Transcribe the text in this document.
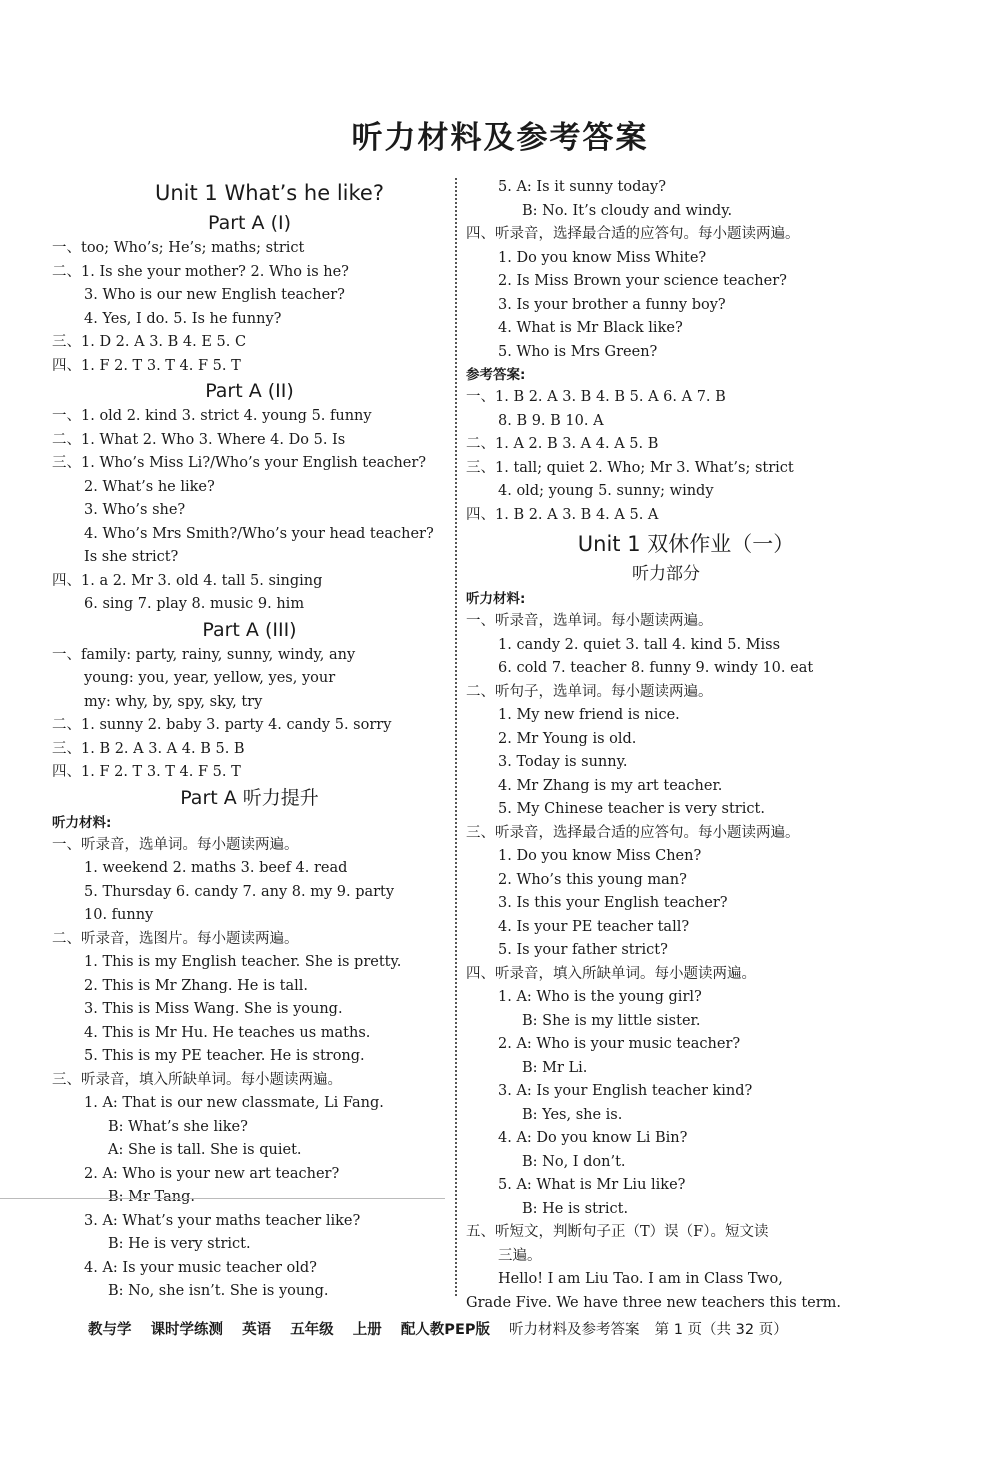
听力材料及参考答案
Unit 1 What’s he like?
Part A (I)
一、too; Who’s; He’s; maths; strict
二、1. Is she your mother? 2. Who is he?
3. Who is our new English teacher?
4. Yes, I do. 5. Is he funny?
三、1. D 2. A 3. B 4. E 5. C
四、1. F 2. T 3. T 4. F 5. T
Part A (II)
一、1. old 2. kind 3. strict 4. young 5. funny
二、1. What 2. Who 3. Where 4. Do 5. Is
三、1. Who’s Miss Li?/Who’s your English teacher?
2. What’s he like?
3. Who’s she?
4. Who’s Mrs Smith?/Who’s your head teacher?
Is she strict?
四、1. a 2. Mr 3. old 4. tall 5. singing
6. sing 7. play 8. music 9. him
Part A (III)
一、family: party, rainy, sunny, windy, any
young: you, year, yellow, yes, your
my: why, by, spy, sky, try
二、1. sunny 2. baby 3. party 4. candy 5. sorry
三、1. B 2. A 3. A 4. B 5. B
四、1. F 2. T 3. T 4. F 5. T
Part A 听力提升
听力材料:
一、听录音，选单词。每小题读两遍。
1. weekend 2. maths 3. beef 4. read
5. Thursday 6. candy 7. any 8. my 9. party
10. funny
二、听录音，选图片。每小题读两遍。
1. This is my English teacher. She is pretty.
2. This is Mr Zhang. He is tall.
3. This is Miss Wang. She is young.
4. This is Mr Hu. He teaches us maths.
5. This is my PE teacher. He is strong.
三、听录音，填入所缺单词。每小题读两遍。
1. A: That is our new classmate, Li Fang.
B: What’s she like?
A: She is tall. She is quiet.
2. A: Who is your new art teacher?
B: Mr Tang.
3. A: What’s your maths teacher like?
B: He is very strict.
4. A: Is your music teacher old?
B: No, she isn’t. She is young.
5. A: Is it sunny today?
B: No. It’s cloudy and windy.
四、听录音，选择最合适的应答句。每小题读两遍。
1. Do you know Miss White?
2. Is Miss Brown your science teacher?
3. Is your brother a funny boy?
4. What is Mr Black like?
5. Who is Mrs Green?
参考答案:
一、1. B 2. A 3. B 4. B 5. A 6. A 7. B
8. B 9. B 10. A
二、1. A 2. B 3. A 4. A 5. B
三、1. tall; quiet 2. Who; Mr 3. What’s; strict
4. old; young 5. sunny; windy
四、1. B 2. A 3. B 4. A 5. A
Unit 1 双休作业（一）
听力部分
听力材料:
一、听录音，选单词。每小题读两遍。
1. candy 2. quiet 3. tall 4. kind 5. Miss
6. cold 7. teacher 8. funny 9. windy 10. eat
二、听句子，选单词。每小题读两遍。
1. My new friend is nice.
2. Mr Young is old.
3. Today is sunny.
4. Mr Zhang is my art teacher.
5. My Chinese teacher is very strict.
三、听录音，选择最合适的应答句。每小题读两遍。
1. Do you know Miss Chen?
2. Who’s this young man?
3. Is this your English teacher?
4. Is your PE teacher tall?
5. Is your father strict?
四、听录音，填入所缺单词。每小题读两遍。
1. A: Who is the young girl?
B: She is my little sister.
2. A: Who is your music teacher?
B: Mr Li.
3. A: Is your English teacher kind?
B: Yes, she is.
4. A: Do you know Li Bin?
B: No, I don’t.
5. A: What is Mr Liu like?
B: He is strict.
五、听短文，判断句子正（T）误（F）。短文读
三遍。
Hello! I am Liu Tao. I am in Class Two,
Grade Five. We have three new teachers this term.
教与学 课时学练测 英语 五年级 上册 配人教PEP版 听力材料及参考答案 第 1 页（共 32 页）
